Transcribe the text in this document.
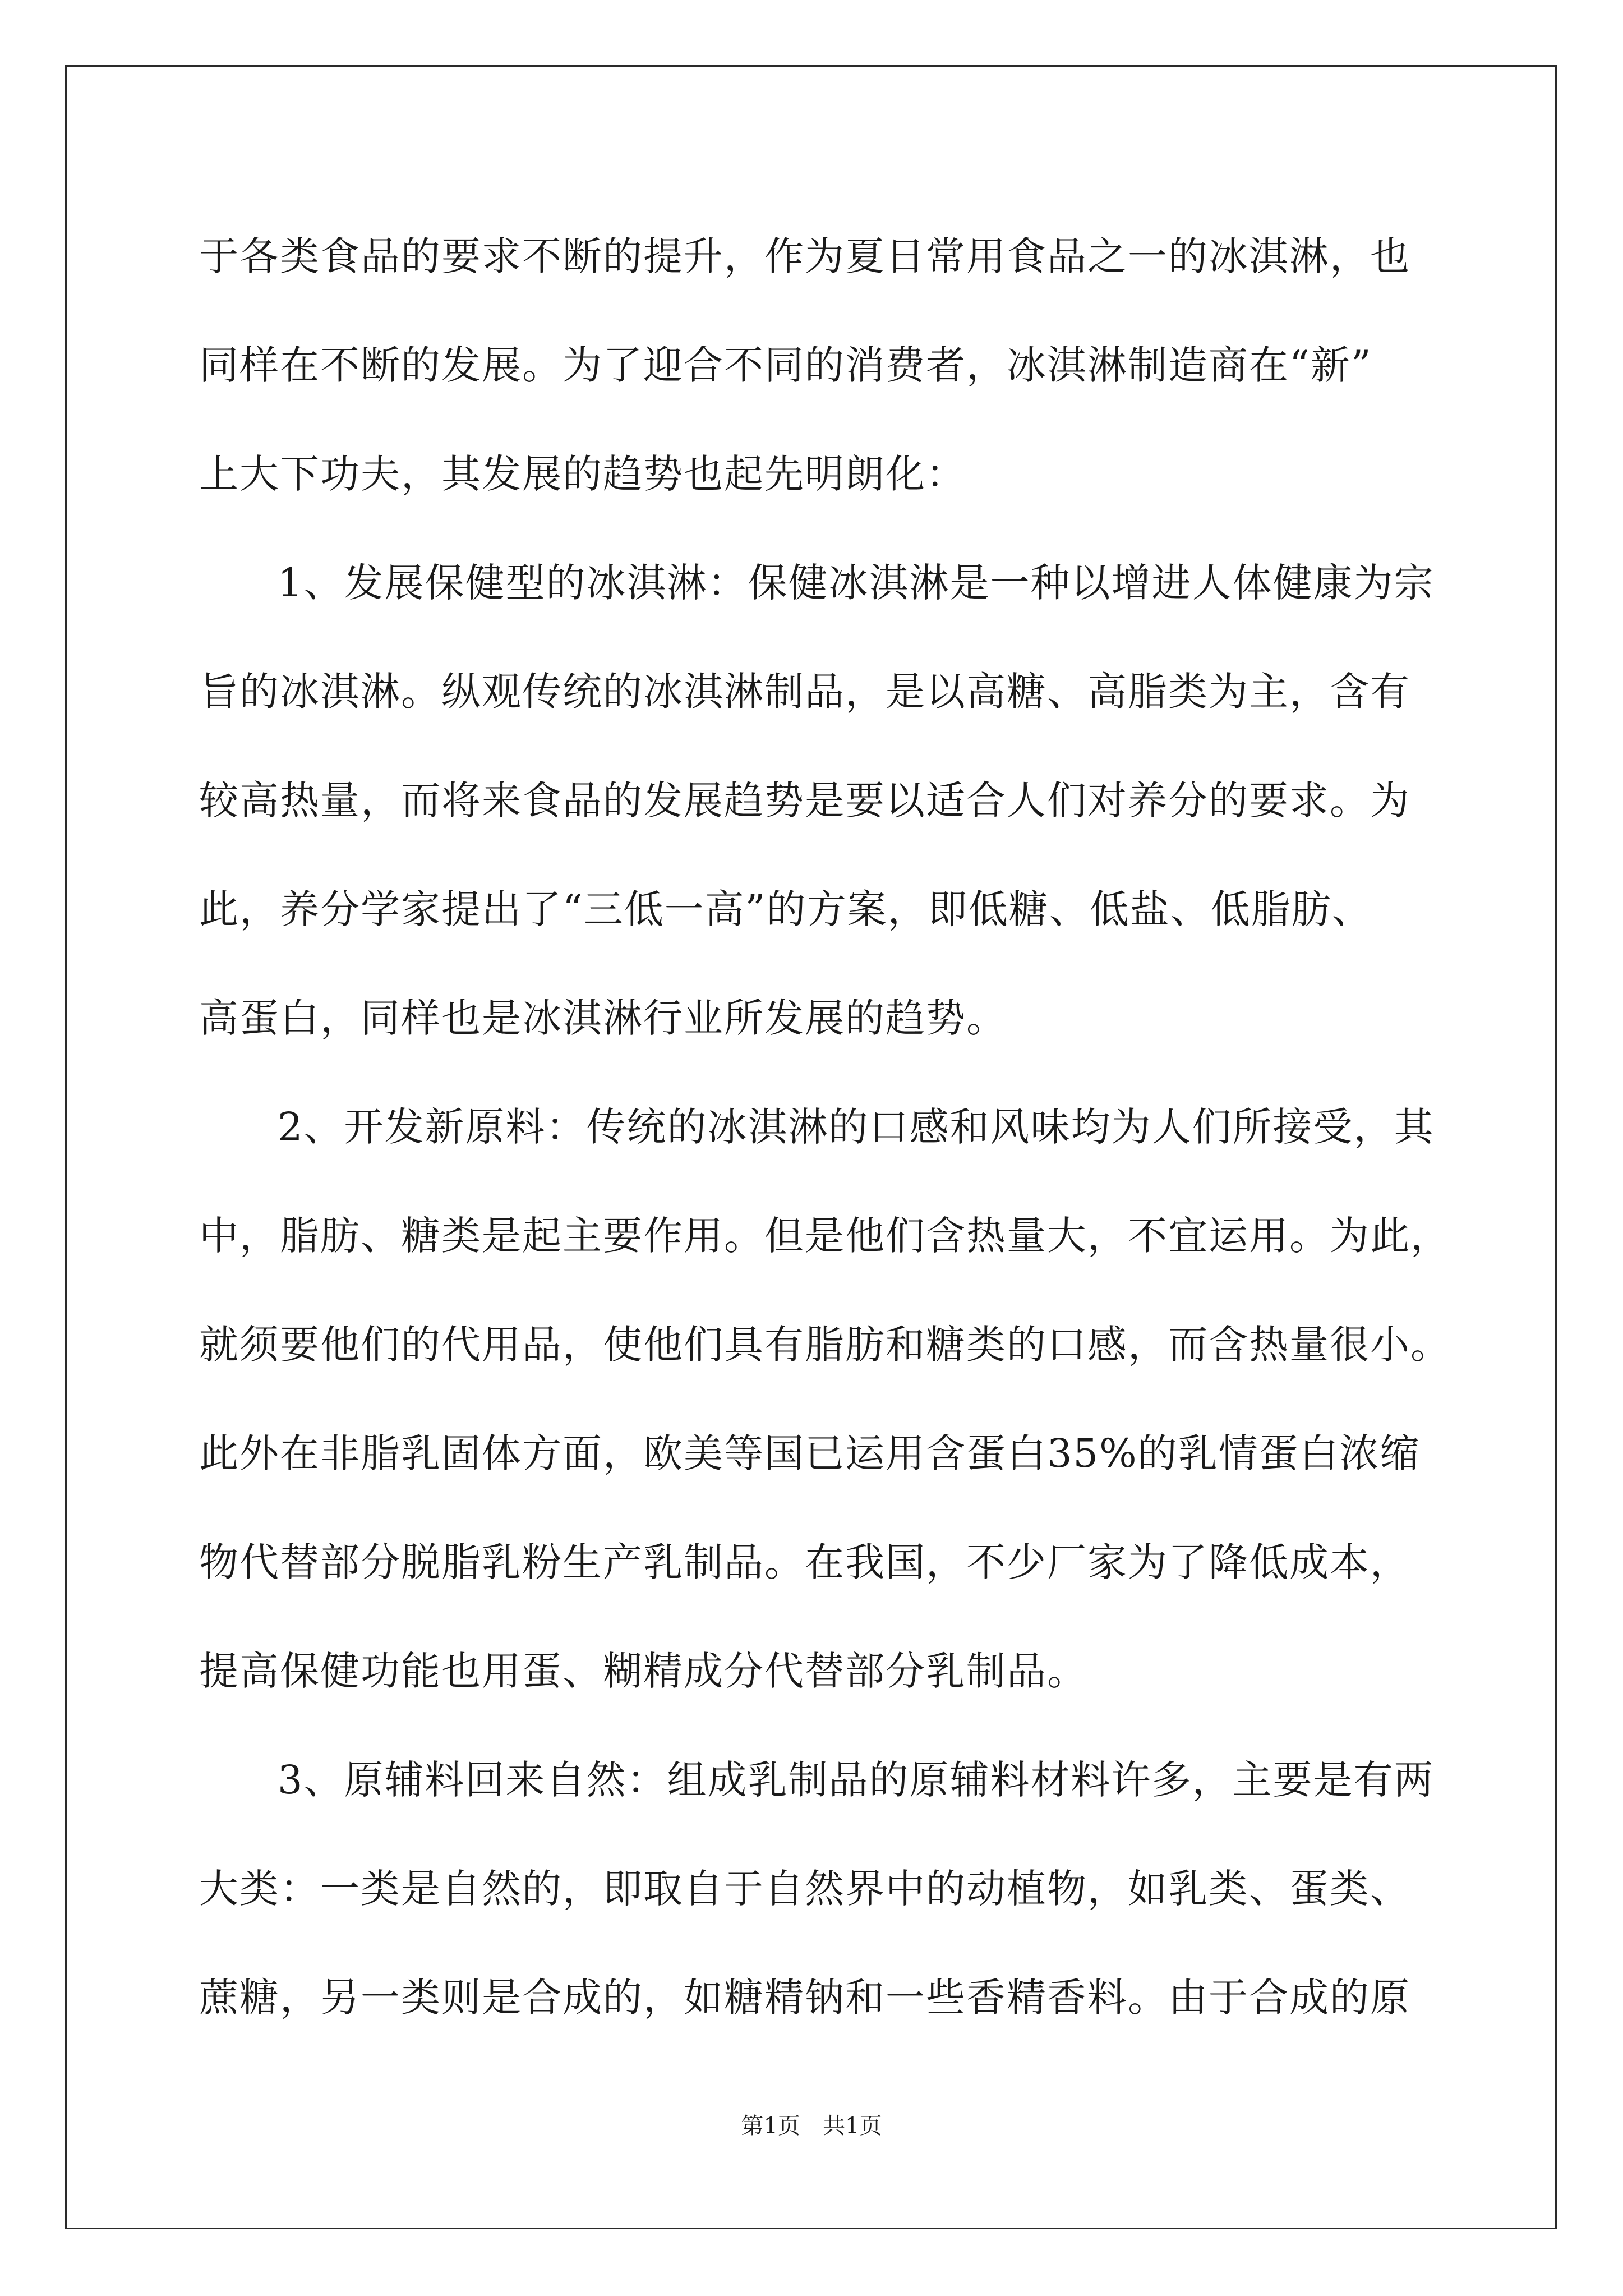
于各类食品的要求不断的提升，作为夏日常用食品之一的冰淇淋，也
同样在不断的发展。为了迎合不同的消费者，冰淇淋制造商在“新”
上大下功夫，其发展的趋势也起先明朗化：
1、发展保健型的冰淇淋：保健冰淇淋是一种以增进人体健康为宗
旨的冰淇淋。纵观传统的冰淇淋制品，是以高糖、高脂类为主，含有
较高热量，而将来食品的发展趋势是要以适合人们对养分的要求。为
此，养分学家提出了“三低一高”的方案，即低糖、低盐、低脂肪、
高蛋白，同样也是冰淇淋行业所发展的趋势。
2、开发新原料：传统的冰淇淋的口感和风味均为人们所接受，其
中，脂肪、糖类是起主要作用。但是他们含热量大，不宜运用。为此，
就须要他们的代用品，使他们具有脂肪和糖类的口感，而含热量很小。
此外在非脂乳固体方面，欧美等国已运用含蛋白35%的乳情蛋白浓缩
物代替部分脱脂乳粉生产乳制品。在我国，不少厂家为了降低成本，
提高保健功能也用蛋、糊精成分代替部分乳制品。
3、原辅料回来自然：组成乳制品的原辅料材料许多，主要是有两
大类：一类是自然的，即取自于自然界中的动植物，如乳类、蛋类、
蔗糖，另一类则是合成的，如糖精钠和一些香精香料。由于合成的原
第1页　共1页
